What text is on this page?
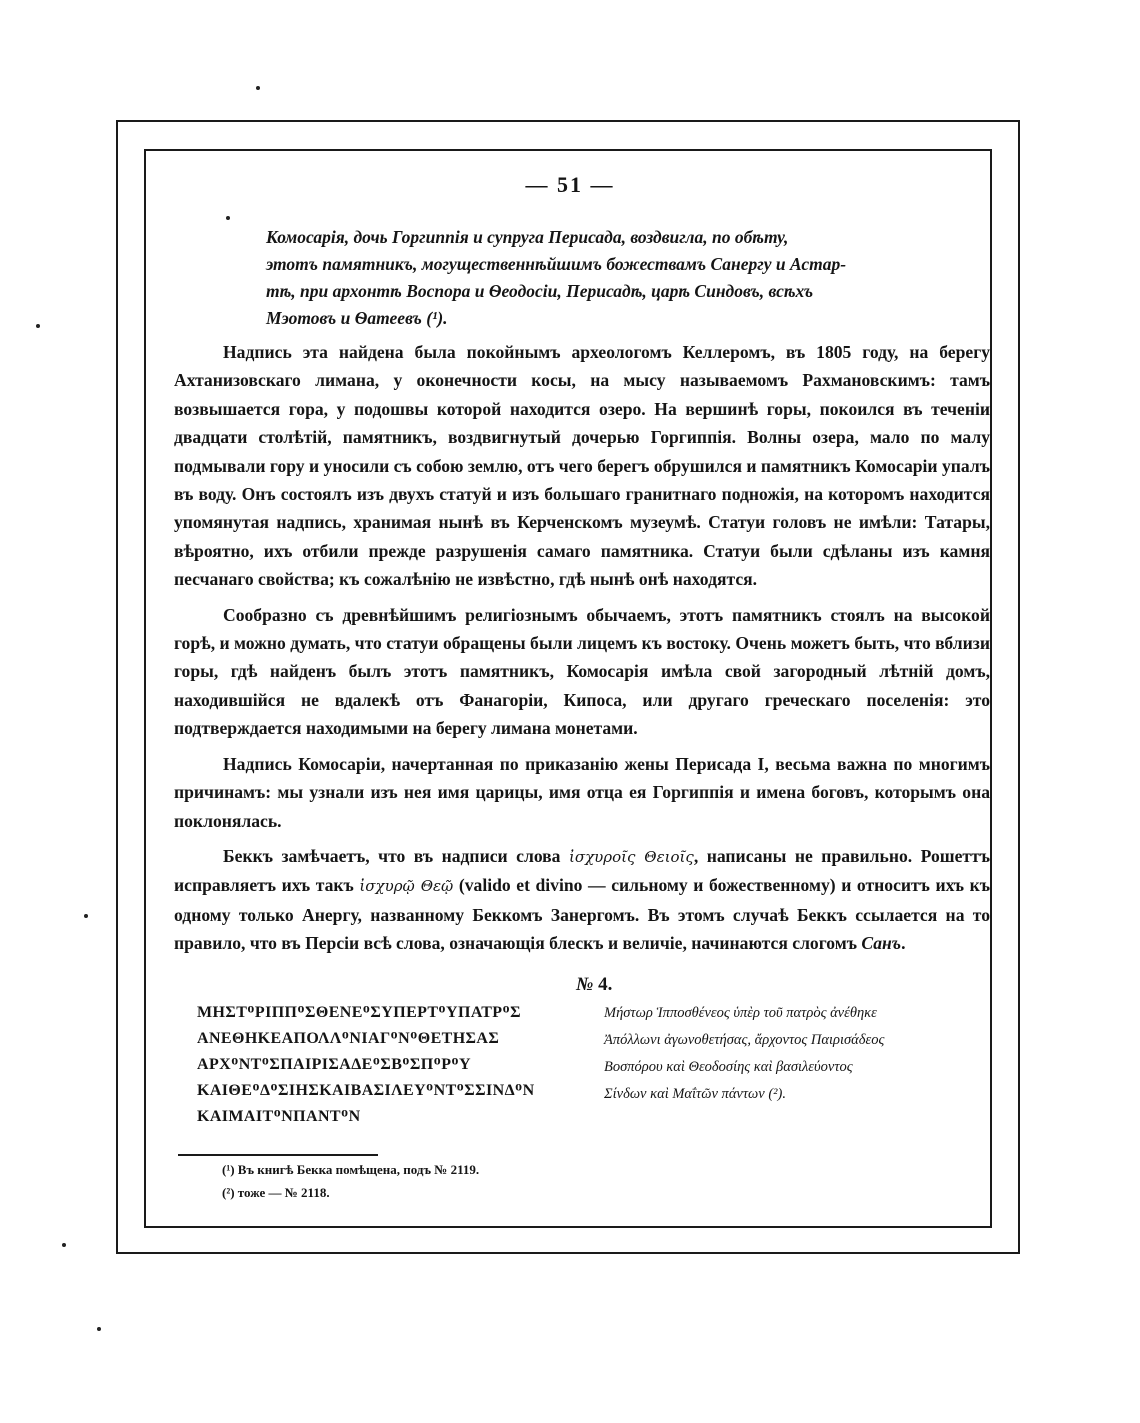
— 51 —

Комосарiя, дочь Горгиппiя и супруга Перисада, воздвигла, по обѣту,

этотъ памятникъ, могущественнѣйшимъ божествамъ Санергу и Астар-

тѣ, при архонтѣ Воспора и Ѳеодосiи, Перисадѣ, царѣ Синдовъ, всѣхъ

Мэотовъ и Ѳатеевъ (¹).

Надпись эта найдена была покойнымъ археологомъ Келлеромъ, въ 1805 году, на берегу Ахтанизовскаго лимана, у оконечности косы, на мысу называемомъ Рахмановскимъ: тамъ возвышается гора, у подошвы которой находится озеро. На вершинѣ горы, покоился въ теченiи двадцати столѣтiй, памятникъ, воздвигнутый дочерью Горгиппiя. Волны озера, мало по малу подмывали гору и уносили съ собою землю, отъ чего берегъ обрушился и памятникъ Комосарiи упалъ въ воду. Онъ состоялъ изъ двухъ статуй и изъ большаго гранитнаго подножiя, на которомъ находится упомянутая надпись, хранимая нынѣ въ Керченскомъ музеумѣ. Статуи головъ не имѣли: Татары, вѣроятно, ихъ отбили прежде разрушенiя самаго памятника. Статуи были сдѣланы изъ камня песчанаго свойства; къ сожалѣнiю не извѣстно, гдѣ нынѣ онѣ находятся.

Сообразно съ древнѣйшимъ религiознымъ обычаемъ, этотъ памятникъ стоялъ на высокой горѣ, и можно думать, что статуи обращены были лицемъ къ востоку. Очень можетъ быть, что вблизи горы, гдѣ найденъ былъ этотъ памятникъ, Комосарiя имѣла свой загородный лѣтнiй домъ, находившiйся не вдалекѣ отъ Фанагорiи, Кипоса, или другаго греческаго поселенiя: это подтверждается находимыми на берегу лимана монетами.

Надпись Комосарiи, начертанная по приказанiю жены Перисада I, весьма важна по многимъ причинамъ: мы узнали изъ нея имя царицы, имя отца ея Горгиппiя и имена боговъ, которымъ она поклонялась.

Беккъ замѣчаетъ, что въ надписи слова ἰσχυροῖς Θειοῖς, написаны не правильно. Рошеттъ исправляетъ ихъ такъ ἰσχυρῷ Θεῷ (valido et divino — сильному и божественному) и относитъ ихъ къ одному только Анергу, названному Беккомъ Занергомъ. Въ этомъ случаѣ Беккъ ссылается на то правило, что въ Персiи всѣ слова, означающiя блескъ и величiе, начинаются слогомъ Санъ.

№ 4.
ΜΗΣΤᴼΡΙΠΠᴼΣΘΕΝΕᴼΣΥΠΕΡΤᴼΥΠΑΤΡᴼΣ
ΑΝΕΘΗΚΕΑΠΟΛΛᴼΝΙΑΓᴼΝᴼΘΕΤΗΣΑΣ
ΑΡΧᴼΝΤᴼΣΠΑΙΡΙΣΑΔΕᴼΣΒᴼΣΠᴼΡᴼΥ
ΚΑΙΘΕᴼΔᴼΣΙΗΣΚΑΙΒΑΣΙΛΕΥᴼΝΤᴼΣΣΙΝΔᴼΝ
ΚΑΙΜΑΙΤᴼΝΠΑΝΤᴼΝ
Μήστωρ Ἱπποσθένεος ὑπὲρ τοῦ πατρὸς ἀνέθηκε
Ἀπόλλωνι ἀγωνοθετήσας, ἄρχοντος Παιρισάδεος
Βοσπόρου καὶ Θεοδοσίης καὶ βασιλεύοντος
Σίνδων καὶ Μαΐτῶν πάντων (²).
(¹) Въ книгѣ Бекка помѣщена, подъ № 2119.
(²) тоже — № 2118.
